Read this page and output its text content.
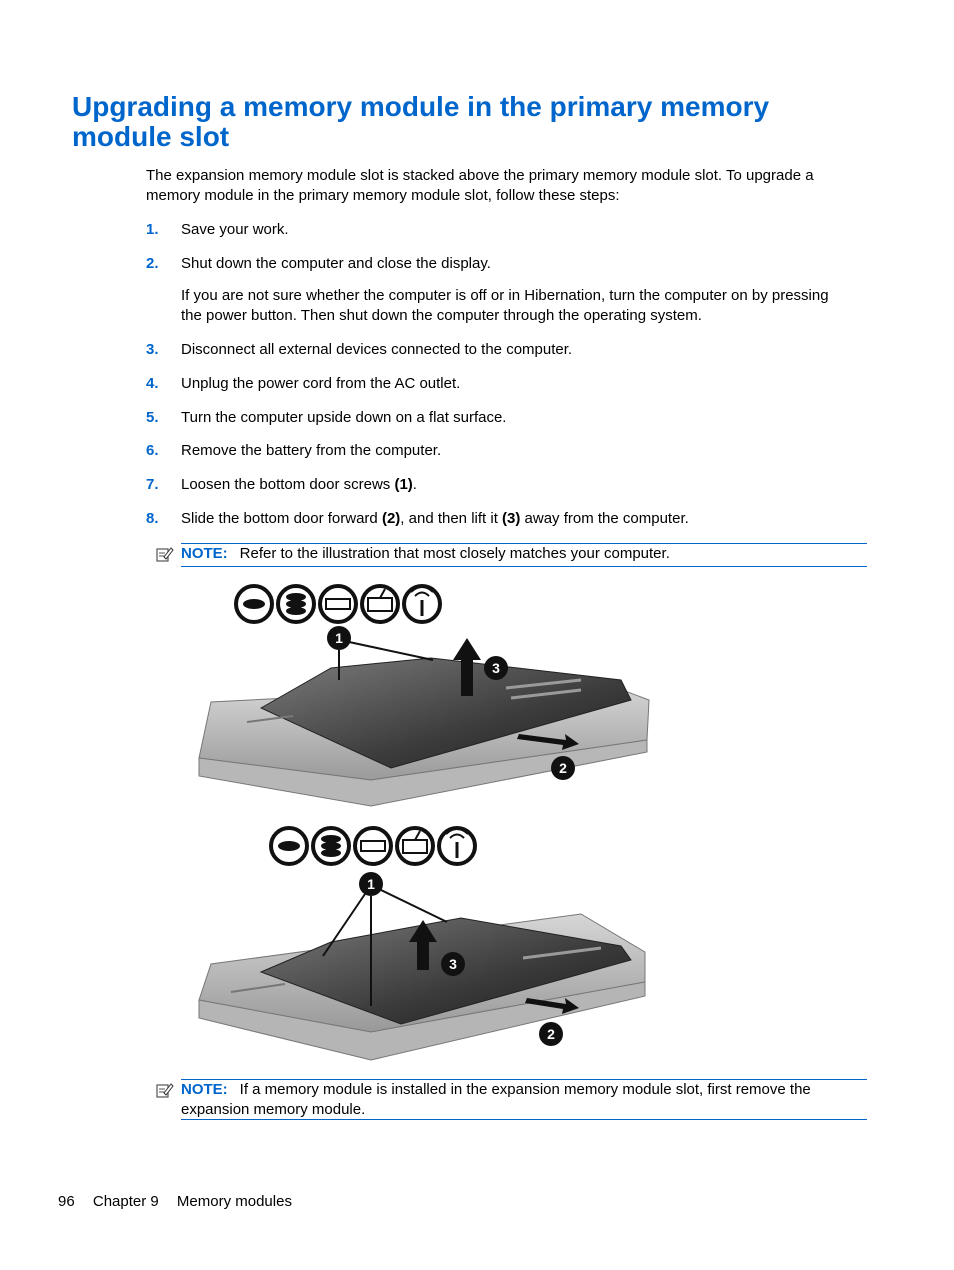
Upgrading a memory module in the primary memory module slot

The expansion memory module slot is stacked above the primary memory module slot. To upgrade a memory module in the primary memory module slot, follow these steps:

1. Save your work.
2. Shut down the computer and close the display.

If you are not sure whether the computer is off or in Hibernation, turn the computer on by pressing the power button. Then shut down the computer through the operating system.

3. Disconnect all external devices connected to the computer.
4. Unplug the power cord from the AC outlet.
5. Turn the computer upside down on a flat surface.
6. Remove the battery from the computer.
7. Loosen the bottom door screws (1).
8. Slide the bottom door forward (2), and then lift it (3) away from the computer.
NOTE: Refer to the illustration that most closely matches your computer.
1
3
2
1
3
2
NOTE: If a memory module is installed in the expansion memory module slot, first remove the expansion memory module.
96 Chapter 9 Memory modules
